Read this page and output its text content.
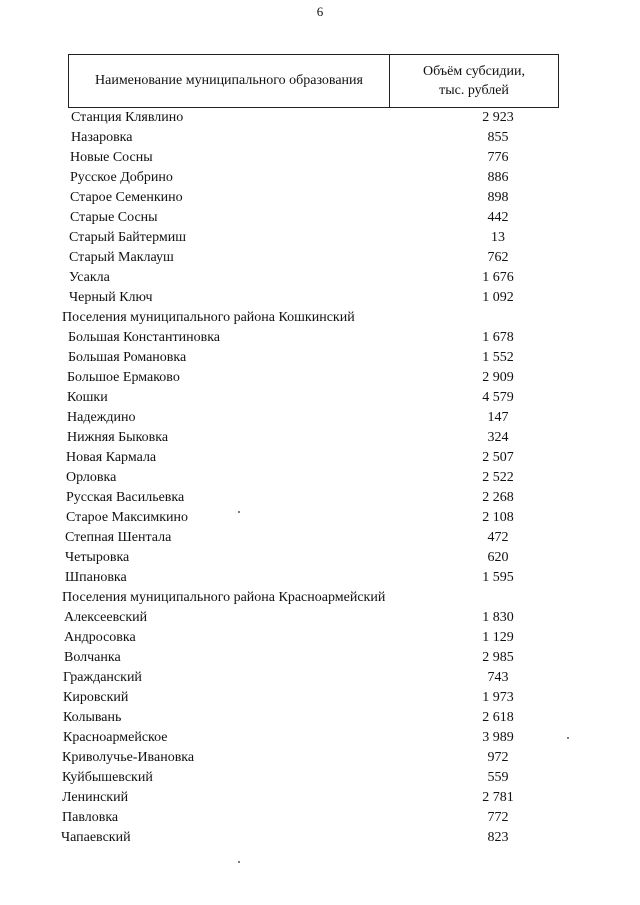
6
Наименование муниципального образования
Объём субсидии,
тыс. рублей
Станция Клявлино	2 923
Назаровка	855
Новые Сосны	776
Русское Добрино	886
Старое Семенкино	898
Старые Сосны	442
Старый Байтермиш	13
Старый Маклауш	762
Усакла	1 676
Черный Ключ	1 092
Поселения муниципального района Кошкинский
Большая Константиновка	1 678
Большая Романовка	1 552
Большое Ермаково	2 909
Кошки	4 579
Надеждино	147
Нижняя Быковка	324
Новая Кармала	2 507
Орловка	2 522
Русская Васильевка	2 268
Старое Максимкино	2 108
Степная Шентала	472
Четыровка	620
Шпановка	1 595
Поселения муниципального района Красноармейский
Алексеевский	1 830
Андросовка	1 129
Волчанка	2 985
Гражданский	743
Кировский	1 973
Колывань	2 618
Красноармейское	3 989
Криволучье-Ивановка	972
Куйбышевский	559
Ленинский	2 781
Павловка	772
Чапаевский	823
